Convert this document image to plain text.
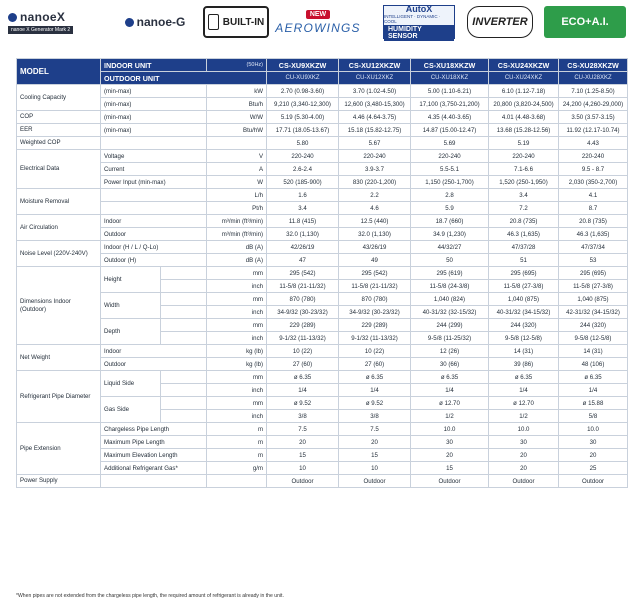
nanoeX
nanoe X Generator Mark 2
nanoe-G	BUILT-IN
NEW
AEROWINGS
AutoX
INTELLIGENT · DYNAMIC · COOL
HUMIDITY SENSOR
INVERTER	ECO+A.I.
MODEL	INDOOR UNIT		(50Hz)	CS-XU9XKZW	CS-XU12XKZW	CS-XU18XKZW	CS-XU24XKZW	CS-XU28XKZW
	OUTDOOR UNIT			CU-XU9XKZ	CU-XU12XKZ	CU-XU18XKZ	CU-XU24XKZ	CU-XU28XKZ
Cooling Capacity	(min-max)		kW	2.70 (0.98-3.60)	3.70 (1.02-4.50)	5.00 (1.10-6.21)	6.10 (1.12-7.18)	7.10 (1.25-8.50)
	(min-max)		Btu/h	9,210 (3,340-12,300)	12,600 (3,480-15,300)	17,100 (3,750-21,200)	20,800 (3,820-24,500)	24,200 (4,260-29,000)
COP	(min-max)		W/W	5.19 (5.30-4.00)	4.46 (4.64-3.75)	4.35 (4.40-3.65)	4.01 (4.48-3.68)	3.50 (3.57-3.15)
EER	(min-max)		Btu/hW	17.71 (18.05-13.67)	15.18 (15.82-12.75)	14.87 (15.00-12.47)	13.68 (15.28-12.56)	11.92 (12.17-10.74)
Weighted COP				5.80	5.67	5.69	5.19	4.43
Electrical Data	Voltage		V	220-240	220-240	220-240	220-240	220-240
	Current		A	2.6-2.4	3.9-3.7	5.5-5.1	7.1-6.6	9.5 - 8.7
	Power Input (min-max)		W	520 (185-900)	830 (220-1,200)	1,150 (250-1,700)	1,520 (250-1,950)	2,030 (350-2,700)
Moisture Removal			L/h	1.6	2.2	2.8	3.4	4.1
			Pt/h	3.4	4.6	5.9	7.2	8.7
Air Circulation	Indoor		m³/min (ft³/min)	11.8 (415)	12.5 (440)	18.7 (660)	20.8 (735)	20.8 (735)
	Outdoor		m³/min (ft³/min)	32.0 (1,130)	32.0 (1,130)	34.9 (1,230)	46.3 (1,635)	46.3 (1,635)
Noise Level (220V-240V)	Indoor (H / L / Q-Lo)		dB (A)	42/26/19	43/26/19	44/32/27	47/37/28	47/37/34
	Outdoor (H)		dB (A)	47	49	50	51	53
Dimensions Indoor (Outdoor)	Height		mm	295 (542)	295 (542)	295 (619)	295 (695)	295 (695)
			inch	11-5/8 (21-11/32)	11-5/8 (21-11/32)	11-5/8 (24-3/8)	11-5/8 (27-3/8)	11-5/8 (27-3/8)
	Width		mm	870 (780)	870 (780)	1,040 (824)	1,040 (875)	1,040 (875)
			inch	34-9/32 (30-23/32)	34-9/32 (30-23/32)	40-31/32 (32-15/32)	40-31/32 (34-15/32)	42-31/32 (34-15/32)
	Depth		mm	229 (289)	229 (289)	244 (299)	244 (320)	244 (320)
			inch	9-1/32 (11-13/32)	9-1/32 (11-13/32)	9-5/8 (11-25/32)	9-5/8 (12-5/8)	9-5/8 (12-5/8)
Net Weight	Indoor		kg (lb)	10 (22)	10 (22)	12 (26)	14 (31)	14 (31)
	Outdoor		kg (lb)	27 (60)	27 (60)	30 (66)	39 (86)	48 (106)
Refrigerant Pipe Diameter	Liquid Side		mm	ø 6.35	ø 6.35	ø 6.35	ø 6.35	ø 6.35
			inch	1/4	1/4	1/4	1/4	1/4
	Gas Side		mm	ø 9.52	ø 9.52	ø 12.70	ø 12.70	ø 15.88
			inch	3/8	3/8	1/2	1/2	5/8
Pipe Extension	Chargeless Pipe Length		m	7.5	7.5	10.0	10.0	10.0
	Maximum Pipe Length		m	20	20	30	30	30
	Maximum Elevation Length		m	15	15	20	20	20
	Additional Refrigerant Gas*		g/m	10	10	15	20	25
Power Supply				Outdoor	Outdoor	Outdoor	Outdoor	Outdoor
*When pipes are not extended from the chargeless pipe length, the required amount of refrigerant is already in the unit.
